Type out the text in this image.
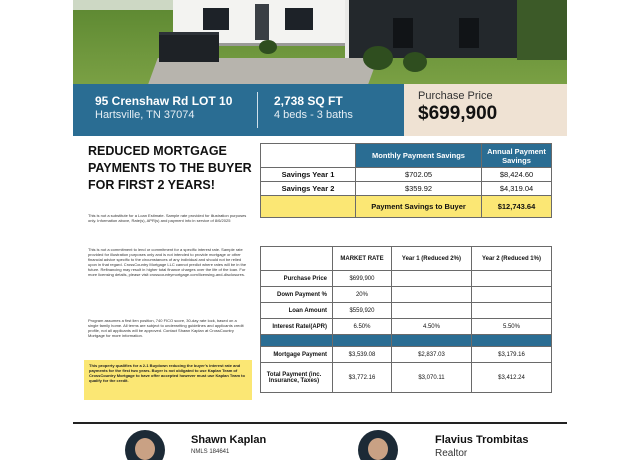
95 Crenshaw Rd LOT 10
Hartsville, TN 37074
2,738 SQ FT
4 beds - 3 baths
Purchase Price
$699,900
REDUCED MORTGAGE PAYMENTS TO THE BUYER FOR FIRST 2 YEARS!
This is not a substitute for a Loan Estimate. Sample rate provided for illustration purposes only. Information above, Rate(s), APR(s) and payment info in service of 8/6/2025
This is not a commitment to lend or commitment for a specific interest rate. Sample rate provided for illustration purposes only and is not intended to provide mortgage or other financial advice specific to the circumstances of any individual and should not be relied upon in that regard. CrossCountry Mortgage LLC cannot predict where rates will be in the future. Refinancing may result in higher total finance charges over the life of the loan. For more licensing details, please visit crosscountrymortgage.com/licensing-and-disclosures.
Program assumes a first lien position, 740 FICO score, 30-day rate lock, based on a single family home. All terms are subject to underwriting guidelines and applicants credit profile, not all applicants will be approved. Contact Shawn Kaplan at CrossCountry Mortgage for more information.
This property qualifies for a 2-1 Buydown reducing the buyer's interest rate and payments for the first two years. Buyer is not obligated to use Kaplan Team of CrossCountry Mortgage to have offer accepted however must use Kaplan Team to qualify for the credit.
	Monthly Payment Savings	Annual Payment Savings
Savings Year 1	$702.05	$8,424.60
Savings Year 2	$359.92	$4,319.04
	Payment Savings to Buyer	$12,743.64
	MARKET RATE	Year 1 (Reduced 2%)	Year 2 (Reduced 1%)
Purchase Price	$699,900		
Down Payment %	20%		
Loan Amount	$559,920		
Interest Rate/(APR)	6.50%	4.50%	5.50%

Mortgage Payment	$3,539.08	$2,837.03	$3,179.16
Total Payment (inc. Insurance, Taxes)	$3,772.16	$3,070.11	$3,412.24
Shawn Kaplan
NMLS 184641
Flavius Trombitas
Realtor
